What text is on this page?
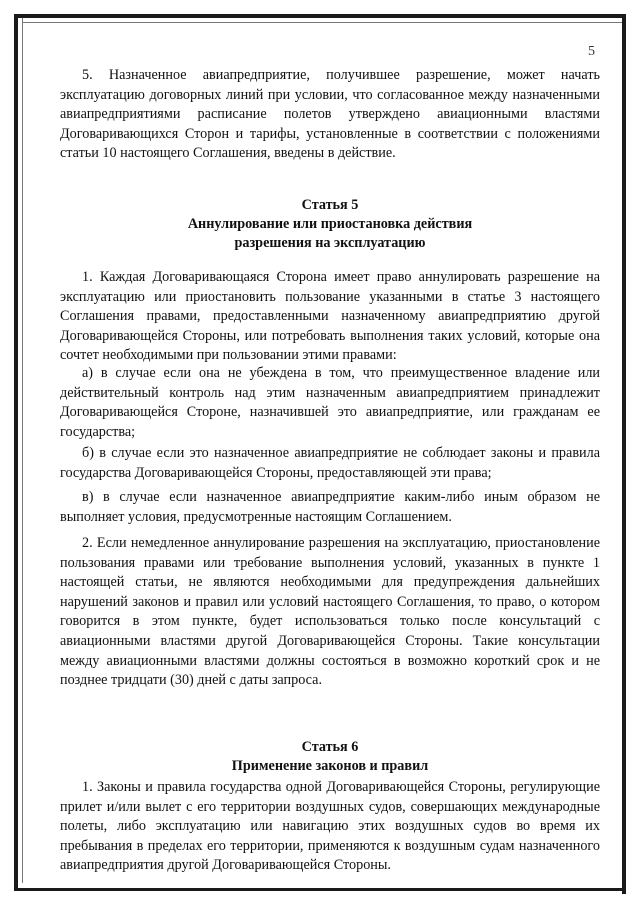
5

5. Назначенное авиапредприятие, получившее разрешение, может начать эксплуатацию договорных линий при условии, что согласованное между назначенными авиапредприятиями расписание полетов утверждено авиационными властями Договаривающихся Сторон и тарифы, установленные в соответствии с положениями статьи 10 настоящего Соглашения, введены в действие.

Статья 5
Аннулирование или приостановка действия
разрешения на эксплуатацию

1. Каждая Договаривающаяся Сторона имеет право аннулировать разрешение на эксплуатацию или приостановить пользование указанными в статье 3 настоящего Соглашения правами, предоставленными назначенному авиапредприятию другой Договаривающейся Стороны, или потребовать выполнения таких условий, которые она сочтет необходимыми при пользовании этими правами:

а) в случае если она не убеждена в том, что преимущественное владение или действительный контроль над этим назначенным авиапредприятием принадлежит Договаривающейся Стороне, назначившей это авиапредприятие, или гражданам ее государства;

б) в случае если это назначенное авиапредприятие не соблюдает законы и правила государства Договаривающейся Стороны, предоставляющей эти права;

в) в случае если назначенное авиапредприятие каким-либо иным образом не выполняет условия, предусмотренные настоящим Соглашением.

2. Если немедленное аннулирование разрешения на эксплуатацию, приостановление пользования правами или требование выполнения условий, указанных в пункте 1 настоящей статьи, не являются необходимыми для предупреждения дальнейших нарушений законов и правил или условий настоящего Соглашения, то право, о котором говорится в этом пункте, будет использоваться только после консультаций с авиационными властями другой Договаривающейся Стороны. Такие консультации между авиационными властями должны состояться в возможно короткий срок и не позднее тридцати (30) дней с даты запроса.

Статья 6
Применение законов и правил

1. Законы и правила государства одной Договаривающейся Стороны, регулирующие прилет и/или вылет с его территории воздушных судов, совершающих международные полеты, либо эксплуатацию или навигацию этих воздушных судов во время их пребывания в пределах его территории, применяются к воздушным судам назначенного авиапредприятия другой Договаривающейся Стороны.
